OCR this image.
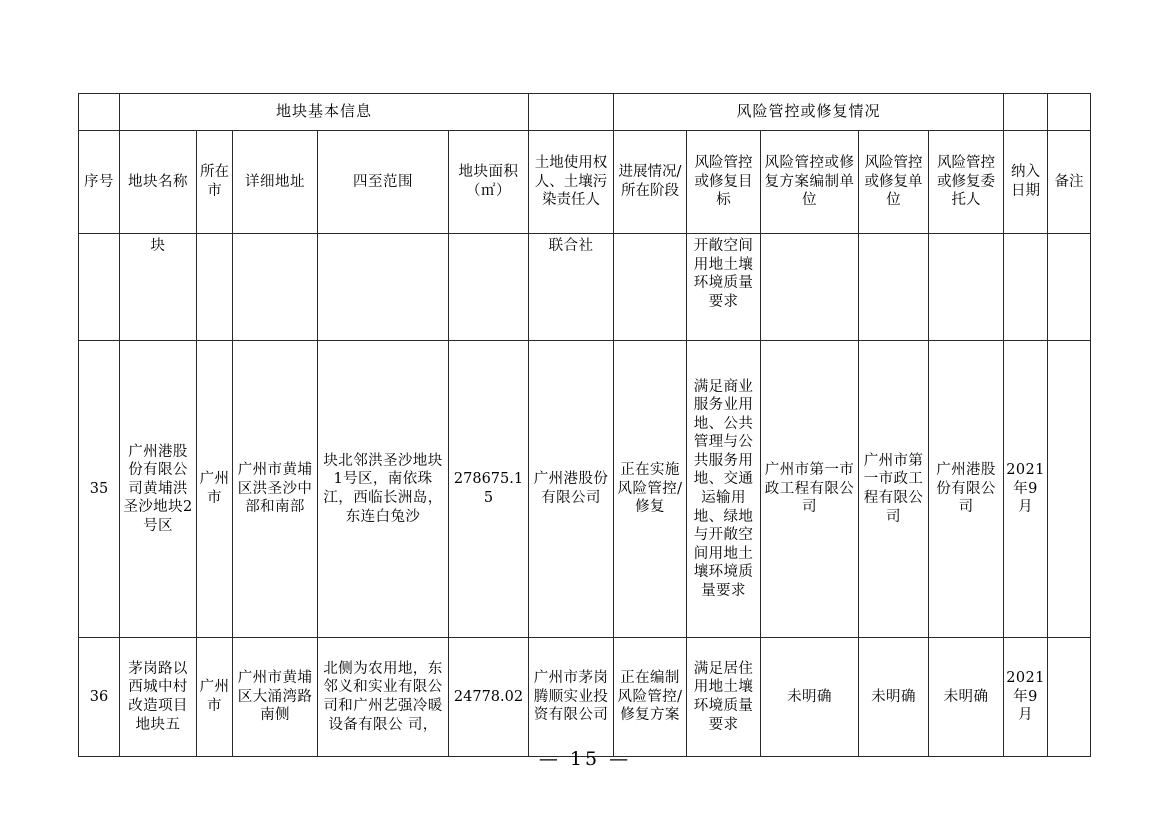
	地块基本信息						风险管控或修复情况						
序号	地块名称	所在市	详细地址	四至范围	地块面积（㎡）	土地使用权人、土壤污染责任人	进展情况/所在阶段	风险管控或修复目标	风险管控或修复方案编制单位	风险管控或修复单位	风险管控或修复委托人	纳入日期	备注
	块					联合社		开敞空间用地土壤环境质量要求					
35	广州港股份有限公司黄埔洪圣沙地块2号区	广州市	广州市黄埔区洪圣沙中部和南部	块北邻洪圣沙地块1号区，南依珠江，西临长洲岛，东连白兔沙	278675.15	广州港股份有限公司	正在实施风险管控/修复	满足商业服务业用地、公共管理与公共服务用地、交通运输用地、绿地与开敞空间用地土壤环境质量要求	广州市第一市政工程有限公司	广州市第一市政工程有限公司	广州港股份有限公司	2021年9月	
36	茅岗路以西城中村改造项目地块五	广州市	广州市黄埔区大涌湾路南侧	北侧为农用地，东邻义和实业有限公司和广州艺强冷暖设备有限公 司，	24778.02	广州市茅岗腾顺实业投资有限公司	正在编制风险管控/修复方案	满足居住用地土壤环境质量要求	未明确	未明确	未明确	2021年9月	
— 15 —
